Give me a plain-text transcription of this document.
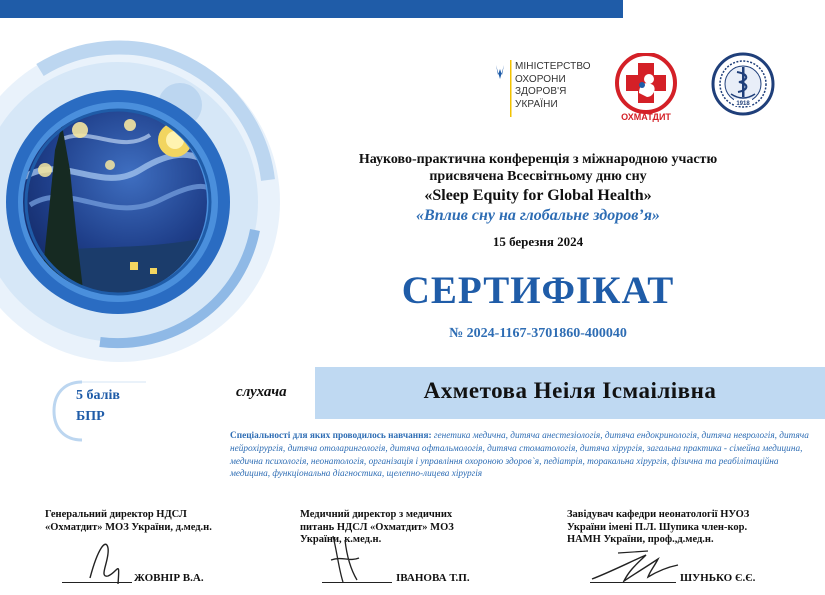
МІНІСТЕРСТВО
ОХОРОНИ
ЗДОРОВ'Я
УКРАЇНИ
ОХМАТДИТ
1918
Науково-практична конференція з міжнародною участю
присвячена Всесвітньому дню сну
«Sleep Equity for Global Health»
«Вплив сну на глобальне здоров’я»
15 березня 2024
СЕРТИФІКАТ
№ 2024-1167-3701860-400040
5 балів
БПР
слухача	Ахметова Неіля Ісмаілівна
Спеціальності для яких проводилось навчання: генетика медична, дитяча анестезіологія, дитяча ендокринологія, дитяча неврологія, дитяча нейрохірургія, дитяча отоларингологія, дитяча офтальмологія, дитяча стоматологія, дитяча хірургія, загальна практика - сімейна медицина, медична психологія, неонатологія, організація і управління охороною здоров`я, педіатрія, торакальна хірургія, фізична та реабілітаційна медицина, функціональна діагностика, щелепно-лицева хірургія
Генеральний директор НДСЛ
«Охматдит» МОЗ України, д.мед.н.
ЖОВНІР В.А.
Медичний директор з медичних
питань НДСЛ «Охматдит» МОЗ
України, к.мед.н.
ІВАНОВА Т.П.
Завідувач кафедри неонатології НУОЗ
України імені П.Л. Шупика член-кор.
НАМН України, проф.,д.мед.н.
ШУНЬКО Є.Є.
